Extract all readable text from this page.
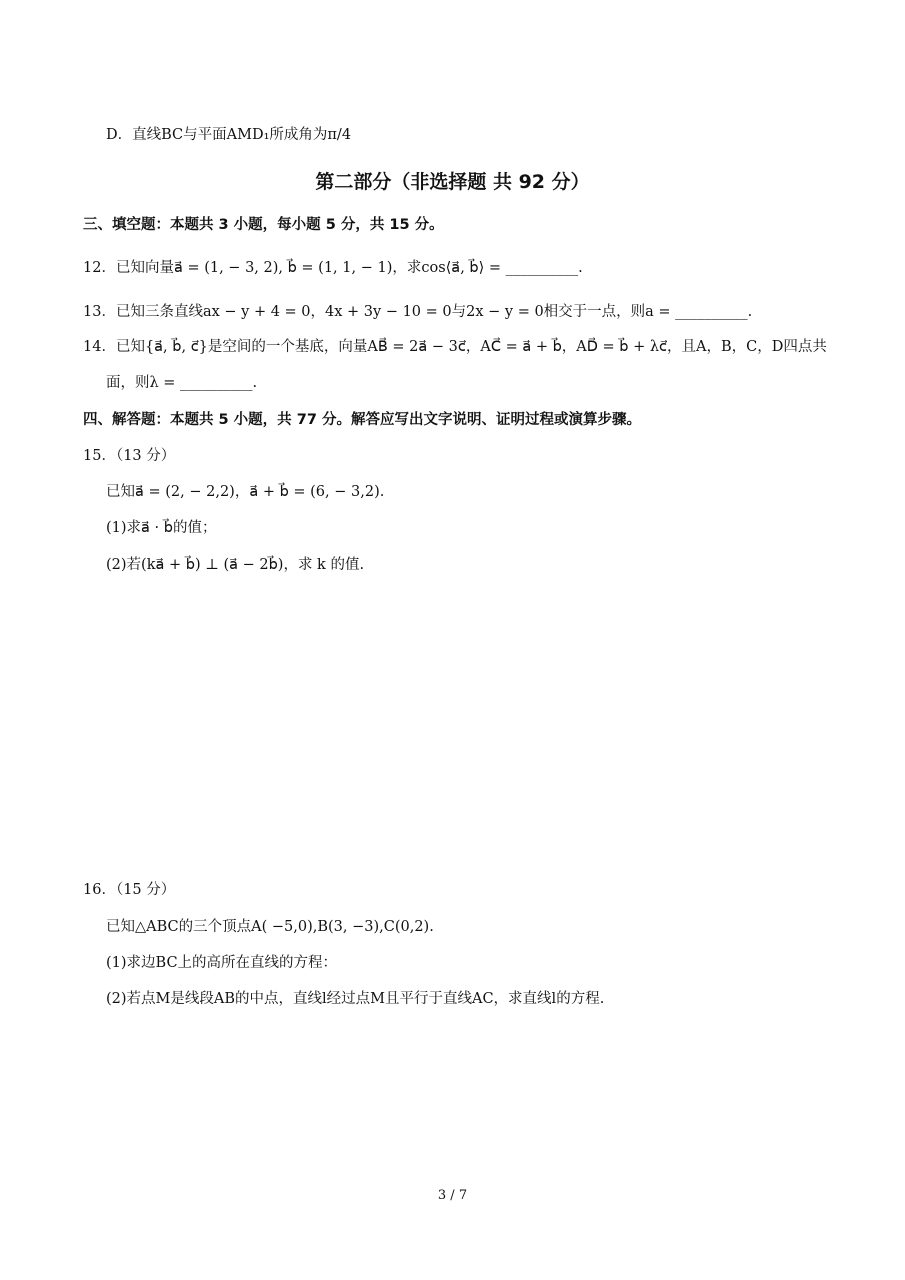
D．直线BC与平面AMD₁所成角为π/4
第二部分（非选择题 共 92 分）
三、填空题：本题共 3 小题，每小题 5 分，共 15 分。
12．已知向量a⃗ = (1, − 3, 2), b⃗ = (1, 1, − 1)，求cos⟨a⃗, b⃗⟩ = __________.
13．已知三条直线ax − y + 4 = 0，4x + 3y − 10 = 0与2x − y = 0相交于一点，则a = __________.
14．已知{a⃗, b⃗, c⃗}是空间的一个基底，向量AB⃗ = 2a⃗ − 3c⃗，AC⃗ = a⃗ + b⃗，AD⃗ = b⃗ + λc⃗，且A，B，C，D四点共
面，则λ = __________.
四、解答题：本题共 5 小题，共 77 分。解答应写出文字说明、证明过程或演算步骤。
15．（13 分）
已知a⃗ = (2, − 2,2)，a⃗ + b⃗ = (6, − 3,2).
(1)求a⃗ · b⃗的值；
(2)若(ka⃗ + b⃗) ⊥ (a⃗ − 2b⃗)，求 k 的值.
16．（15 分）
已知△ABC的三个顶点A( −5,0),B(3, −3),C(0,2).
(1)求边BC上的高所在直线的方程：
(2)若点M是线段AB的中点，直线l经过点M且平行于直线AC，求直线l的方程.
3 / 7
